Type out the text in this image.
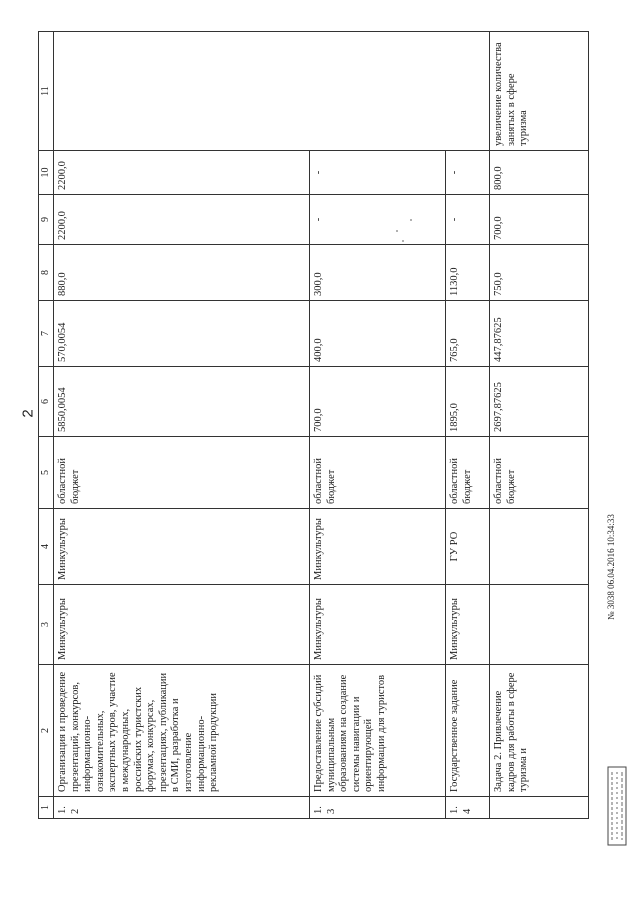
2
1	2	3	4	5	6	7	8	9	10	11
1.2	Организация и проведение презентаций, конкурсов, информационно-ознакомительных, экспертных туров, участие в международных, российских туристских форумах, конкурсах, презентациях, публикации в СМИ, разработка и изготовление информационно-рекламной продукции	Минкультуры	Минкультуры	областной бюджет	5850,0054	570,0054	880,0	2200,0	2200,0	
1.3	Предоставление субсидий муниципальным образованиям на создание системы навигации и ориентирующей информации для туристов	Минкультуры	Минкультуры	областной бюджет	700,0	400,0	300,0	-	-	
1.4	Государственное задание	Минкультуры	ГУ РО	областной бюджет	1895,0	765,0	1130,0	-	-	
	Задача 2. Привлечение кадров для работы в сфере туризма и			областной бюджет	2697,87625	447,87625	750,0	700,0	800,0	увеличение количества занятых в сфере туризма
№ 3038 06.04.2016 10:34:33
